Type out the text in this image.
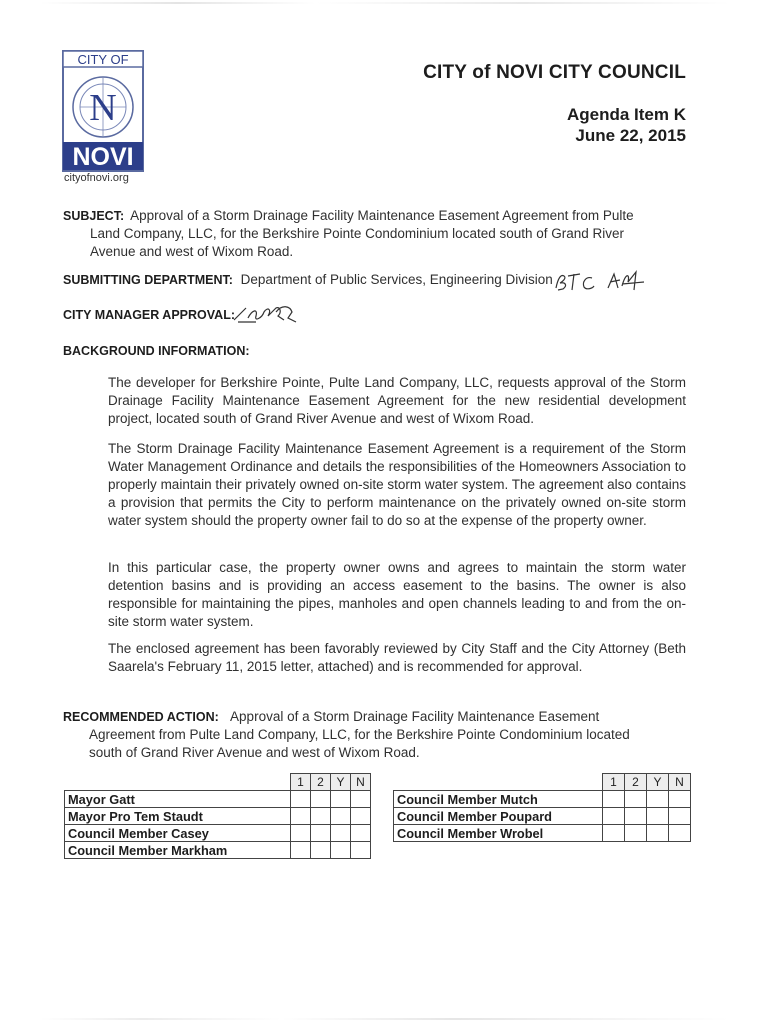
CITY OF
N
NOVI
cityofnovi.org
CITY of NOVI CITY COUNCIL
Agenda Item K
June 22, 2015
SUBJECT: Approval of a Storm Drainage Facility Maintenance Easement Agreement from Pulte
Land Company, LLC, for the Berkshire Pointe Condominium located south of Grand River
Avenue and west of Wixom Road.
SUBMITTING DEPARTMENT: Department of Public Services, Engineering Division
CITY MANAGER APPROVAL:
BACKGROUND INFORMATION:
The developer for Berkshire Pointe, Pulte Land Company, LLC, requests approval of the Storm Drainage Facility Maintenance Easement Agreement for the new residential development project, located south of Grand River Avenue and west of Wixom Road.
The Storm Drainage Facility Maintenance Easement Agreement is a requirement of the Storm Water Management Ordinance and details the responsibilities of the Homeowners Association to properly maintain their privately owned on-site storm water system. The agreement also contains a provision that permits the City to perform maintenance on the privately owned on-site storm water system should the property owner fail to do so at the expense of the property owner.
In this particular case, the property owner owns and agrees to maintain the storm water detention basins and is providing an access easement to the basins. The owner is also responsible for maintaining the pipes, manholes and open channels leading to and from the on-site storm water system.
The enclosed agreement has been favorably reviewed by City Staff and the City Attorney (Beth Saarela's February 11, 2015 letter, attached) and is recommended for approval.
RECOMMENDED ACTION: Approval of a Storm Drainage Facility Maintenance Easement
Agreement from Pulte Land Company, LLC, for the Berkshire Pointe Condominium located
south of Grand River Avenue and west of Wixom Road.
	1	2	Y	N
Mayor Gatt				
Mayor Pro Tem Staudt				
Council Member Casey				
Council Member Markham				
	1	2	Y	N
Council Member Mutch				
Council Member Poupard				
Council Member Wrobel				
